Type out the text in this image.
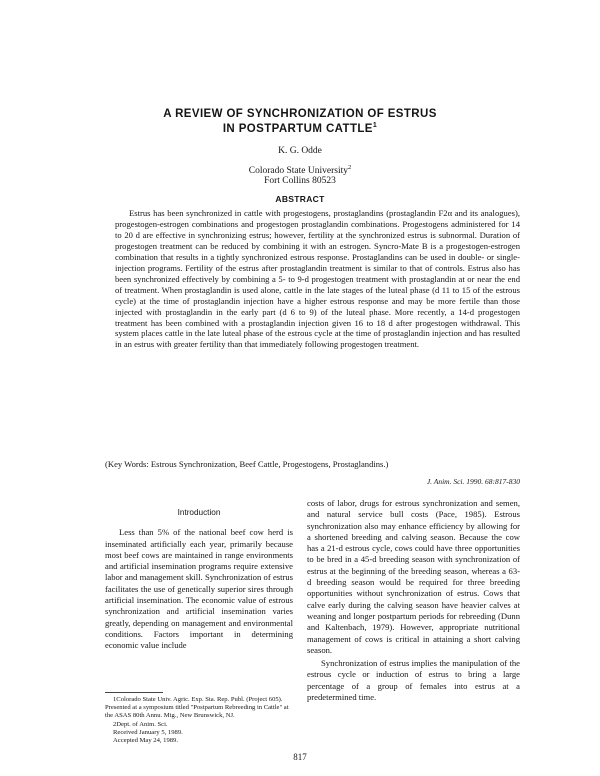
A REVIEW OF SYNCHRONIZATION OF ESTRUS
IN POSTPARTUM CATTLE$^1$
K. G. Odde
Colorado State University$^2$
Fort Collins 80523
ABSTRACT
Estrus has been synchronized in cattle with progestogens, prostaglandins (prostaglandin F2α and its analogues), progestogen-estrogen combinations and progestogen prostaglandin combinations. Progestogens administered for 14 to 20 d are effective in synchronizing estrus; however, fertility at the synchronized estrus is subnormal. Duration of progestogen treatment can be reduced by combining it with an estrogen. Syncro-Mate B is a progestogen-estrogen combination that results in a tightly synchronized estrous response. Prostaglandins can be used in double- or single-injection programs. Fertility of the estrus after prostaglandin treatment is similar to that of controls. Estrus also has been synchronized effectively by combining a 5- to 9-d progestogen treatment with prostaglandin at or near the end of treatment. When prostaglandin is used alone, cattle in the late stages of the luteal phase (d 11 to 15 of the estrous cycle) at the time of prostaglandin injection have a higher estrous response and may be more fertile than those injected with prostaglandin in the early part (d 6 to 9) of the luteal phase. More recently, a 14-d progestogen treatment has been combined with a prostaglandin injection given 16 to 18 d after progestogen withdrawal. This system places cattle in the late luteal phase of the estrous cycle at the time of prostaglandin injection and has resulted in an estrus with greater fertility than that immediately following progestogen treatment.
(Key Words: Estrous Synchronization, Beef Cattle, Progestogens, Prostaglandins.)
J. Anim. Sci. 1990. 68:817-830
Introduction

Less than 5% of the national beef cow herd is inseminated artificially each year, primarily because most beef cows are maintained in range environments and artificial insemination programs require extensive labor and management skill. Synchronization of estrus facilitates the use of genetically superior sires through artificial insemination. The economic value of estrous synchronization and artificial insemination varies greatly, depending on management and environmental conditions. Factors important in determining economic value include

costs of labor, drugs for estrous synchronization and semen, and natural service bull costs (Pace, 1985). Estrous synchronization also may enhance efficiency by allowing for a shortened breeding and calving season. Because the cow has a 21-d estrous cycle, cows could have three opportunities to be bred in a 45-d breeding season with synchronization of estrus at the beginning of the breeding season, whereas a 63-d breeding season would be required for three breeding opportunities without synchronization of estrus. Cows that calve early during the calving season have heavier calves at weaning and longer postpartum periods for rebreeding (Dunn and Kaltenbach, 1979). However, appropriate nutritional management of cows is critical in attaining a short calving season.

Synchronization of estrus implies the manipulation of the estrous cycle or induction of estrus to bring a large percentage of a group of females into estrus at a predetermined time.

1Colorado State Univ. Agric. Exp. Sta. Rep. Publ. (Project 605). Presented at a symposium titled "Postpartum Rebreeding in Cattle" at the ASAS 80th Annu. Mtg., New Brunswick, NJ.

2Dept. of Anim. Sci.

Received January 5, 1989.

Accepted May 24, 1989.

817
